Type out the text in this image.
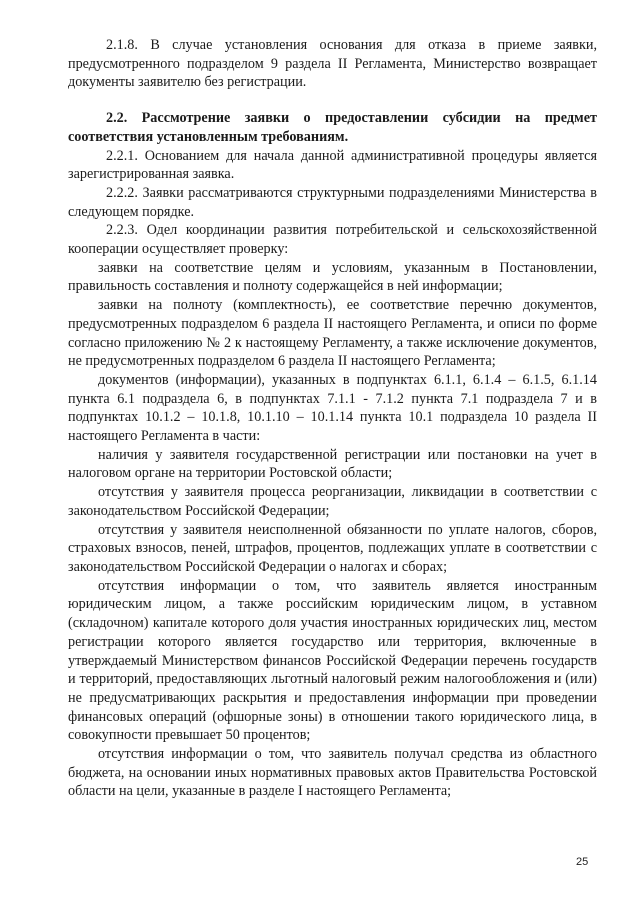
2.1.8. В случае установления основания для отказа в приеме заявки, предусмотренного подразделом 9 раздела II Регламента, Министерство возвращает документы заявителю без регистрации.

2.2. Рассмотрение заявки о предоставлении субсидии на предмет соответствия установленным требованиям.

2.2.1. Основанием для начала данной административной процедуры является зарегистрированная заявка.

2.2.2. Заявки рассматриваются структурными подразделениями Министерства в следующем порядке.

2.2.3. Одел координации развития потребительской и сельскохозяйственной кооперации осуществляет проверку:

заявки на соответствие целям и условиям, указанным в Постановлении, правильность составления и полноту содержащейся в ней информации;

заявки на полноту (комплектность), ее соответствие перечню документов, предусмотренных подразделом 6 раздела II настоящего Регламента, и описи по форме согласно приложению № 2 к настоящему Регламенту, а также исключение документов, не предусмотренных подразделом 6 раздела II настоящего Регламента;

документов (информации), указанных в подпунктах 6.1.1, 6.1.4 – 6.1.5, 6.1.14 пункта 6.1 подраздела 6, в подпунктах 7.1.1 - 7.1.2 пункта 7.1 подраздела 7 и в подпунктах 10.1.2 – 10.1.8, 10.1.10 – 10.1.14 пункта 10.1 подраздела 10 раздела II настоящего Регламента в части:

наличия у заявителя государственной регистрации или постановки на учет в налоговом органе на территории Ростовской области;

отсутствия у заявителя процесса реорганизации, ликвидации в соответствии с законодательством Российской Федерации;

отсутствия у заявителя неисполненной обязанности по уплате налогов, сборов, страховых взносов, пеней, штрафов, процентов, подлежащих уплате в соответствии с законодательством Российской Федерации о налогах и сборах;

отсутствия информации о том, что заявитель является иностранным юридическим лицом, а также российским юридическим лицом, в уставном (складочном) капитале которого доля участия иностранных юридических лиц, местом регистрации которого является государство или территория, включенные в утверждаемый Министерством финансов Российской Федерации перечень государств и территорий, предоставляющих льготный налоговый режим налогообложения и (или) не предусматривающих раскрытия и предоставления информации при проведении финансовых операций (офшорные зоны) в отношении такого юридического лица, в совокупности превышает 50 процентов;

отсутствия информации о том, что заявитель получал средства из областного бюджета, на основании иных нормативных правовых актов Правительства Ростовской области на цели, указанные в разделе I настоящего Регламента;

25
